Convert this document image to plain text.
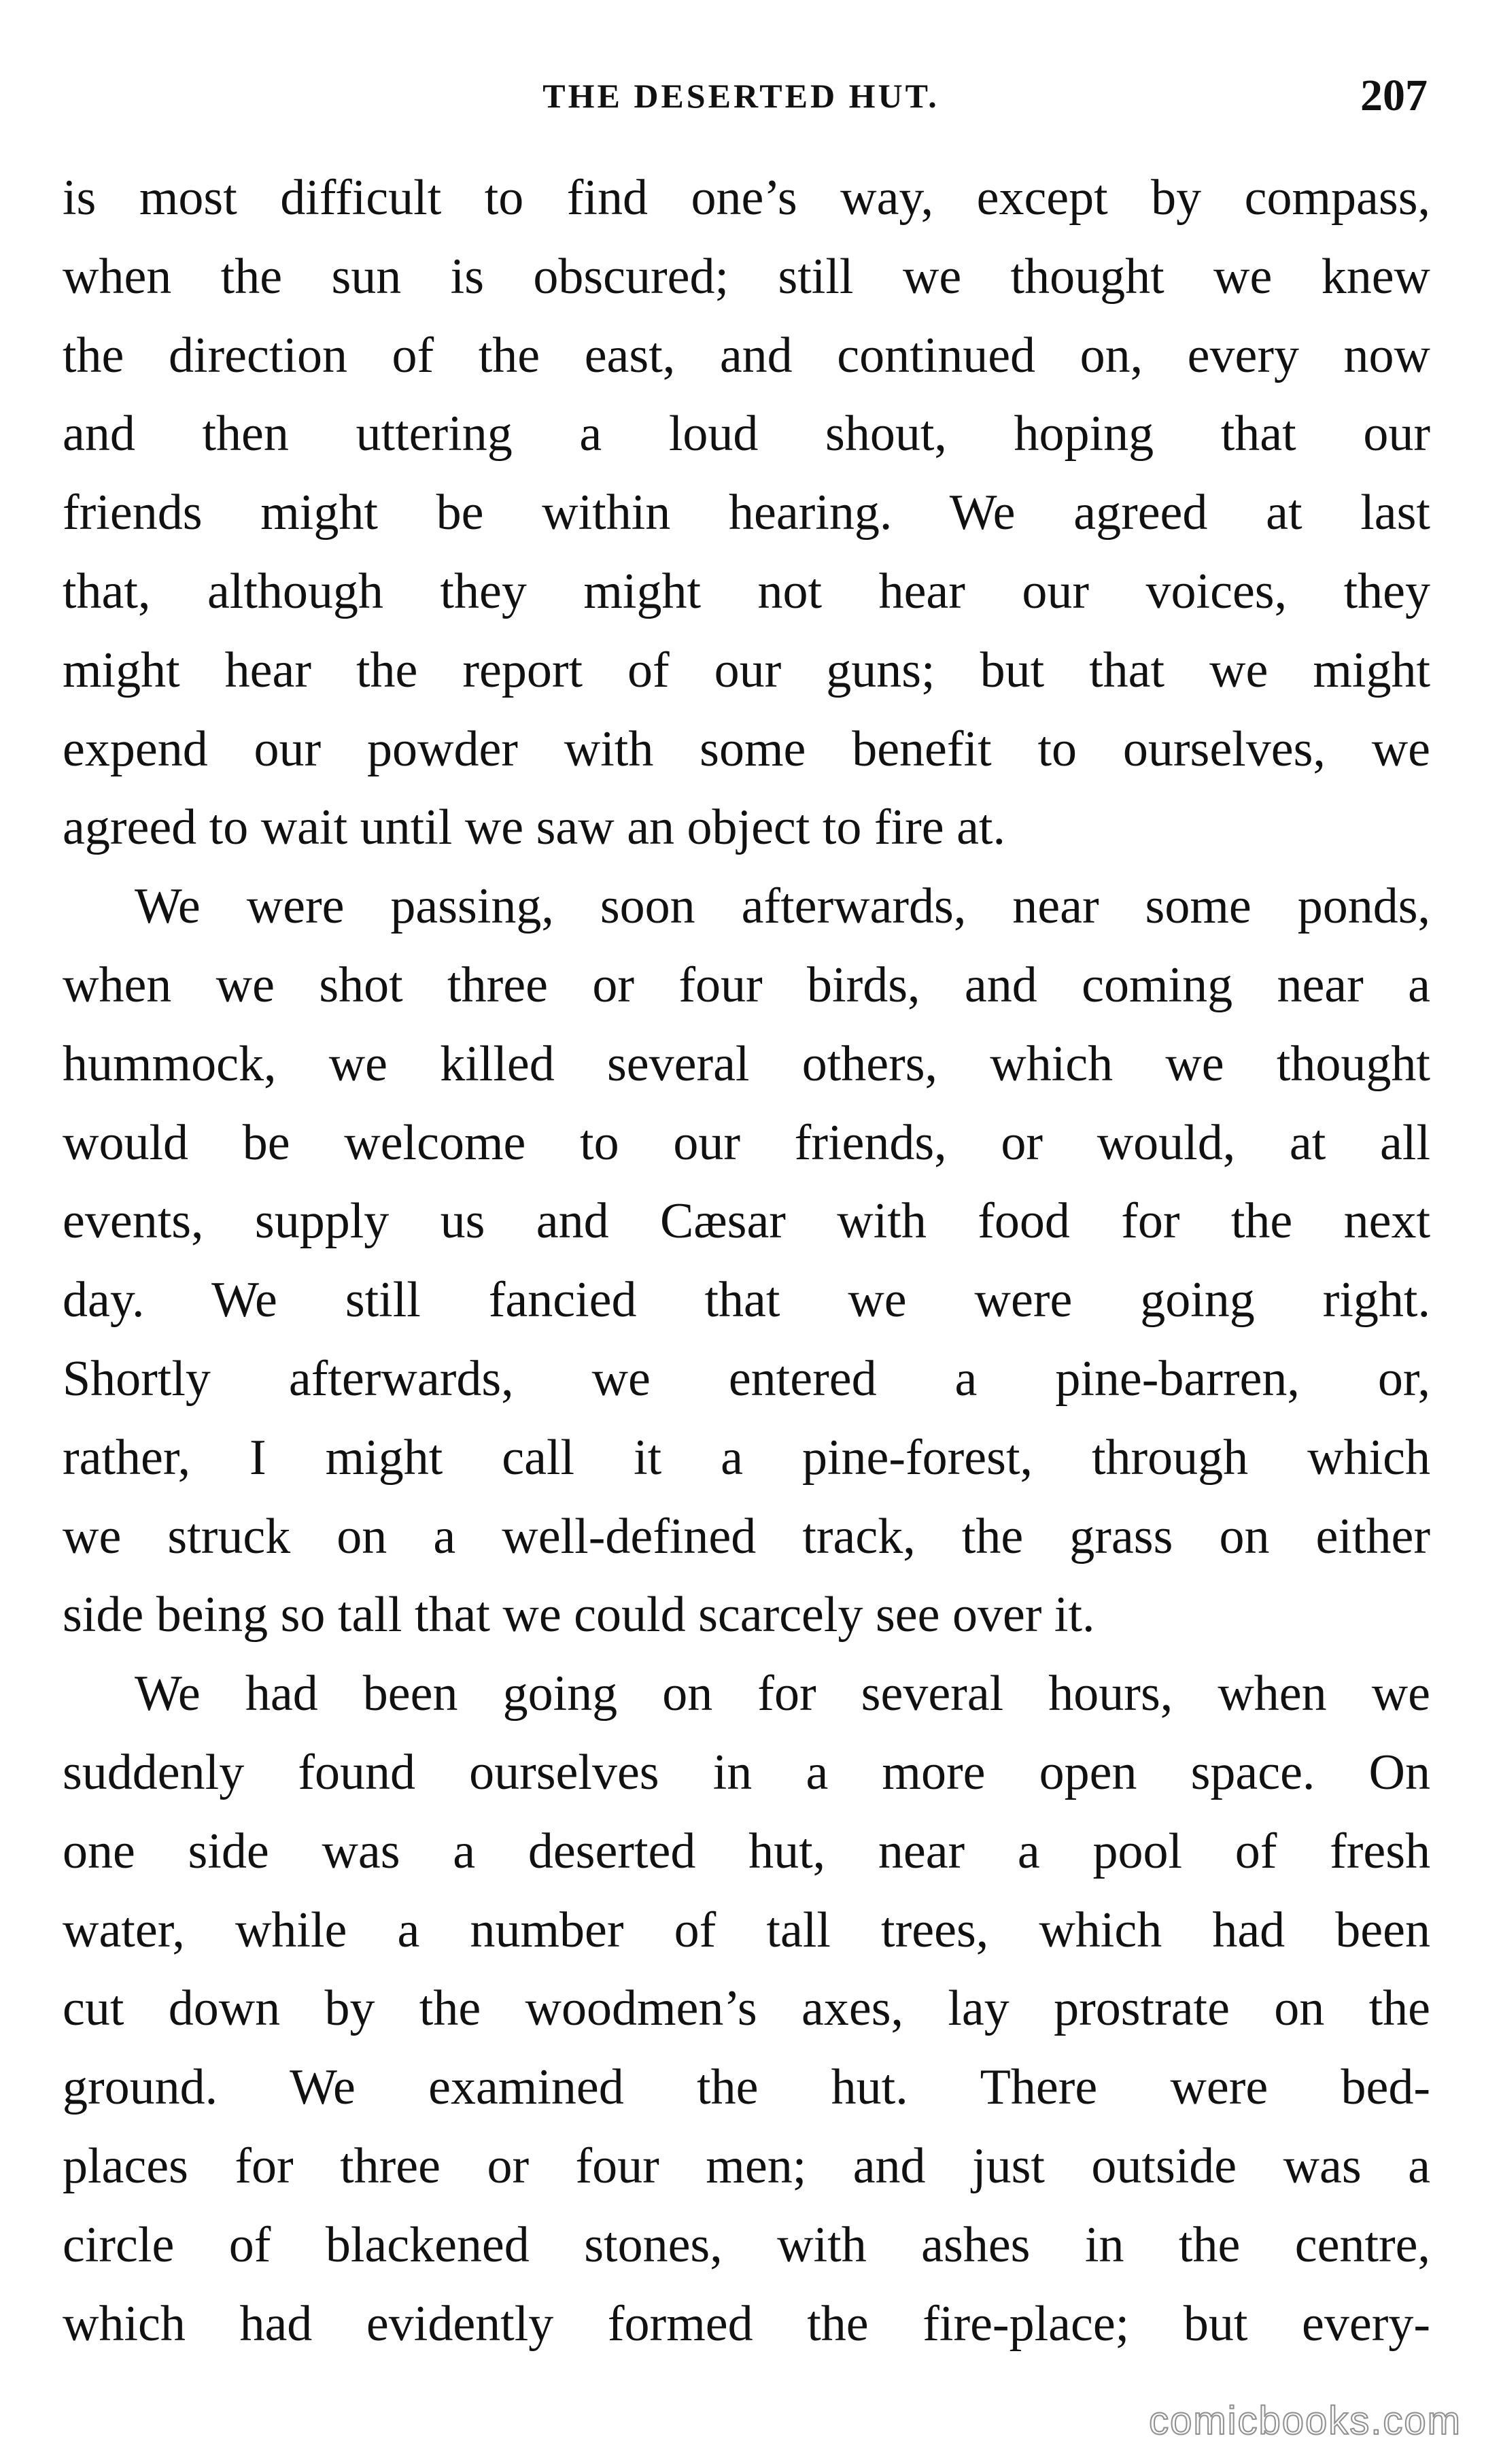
THE DESERTED HUT.	207
is most difficult to find one’s way, except by compass,
when the sun is obscured; still we thought we knew
the direction of the east, and continued on, every now
and then uttering a loud shout, hoping that our
friends might be within hearing. We agreed at last
that, although they might not hear our voices, they
might hear the report of our guns; but that we might
expend our powder with some benefit to ourselves, we
agreed to wait until we saw an object to fire at.
We were passing, soon afterwards, near some ponds,
when we shot three or four birds, and coming near a
hummock, we killed several others, which we thought
would be welcome to our friends, or would, at all
events, supply us and Cæsar with food for the next
day. We still fancied that we were going right.
Shortly afterwards, we entered a pine-barren, or,
rather, I might call it a pine-forest, through which
we struck on a well-defined track, the grass on either
side being so tall that we could scarcely see over it.
We had been going on for several hours, when we
suddenly found ourselves in a more open space. On
one side was a deserted hut, near a pool of fresh
water, while a number of tall trees, which had been
cut down by the woodmen’s axes, lay prostrate on the
ground. We examined the hut. There were bed-
places for three or four men; and just outside was a
circle of blackened stones, with ashes in the centre,
which had evidently formed the fire-place; but every-
comicbooks.com
